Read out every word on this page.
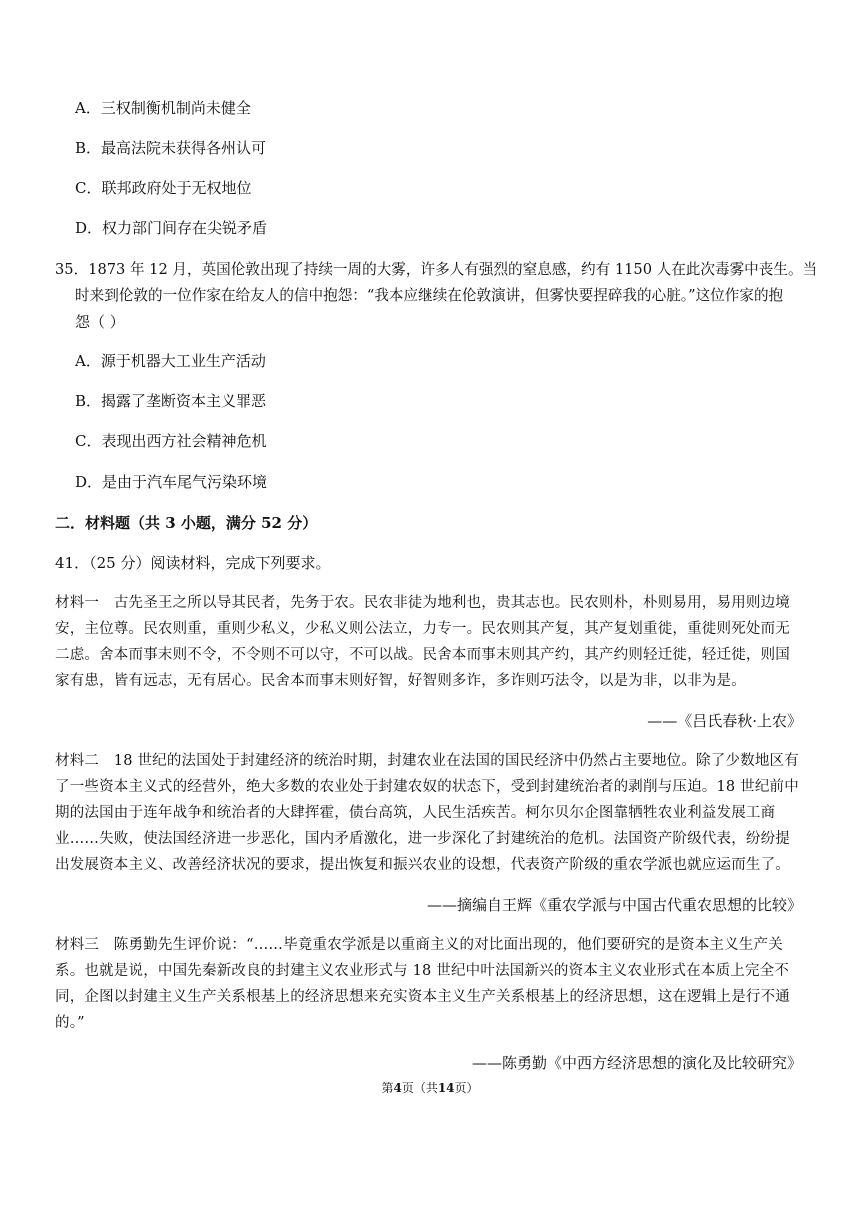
A．三权制衡机制尚未健全
B．最高法院未获得各州认可
C．联邦政府处于无权地位
D．权力部门间存在尖锐矛盾
35．1873 年 12 月，英国伦敦出现了持续一周的大雾，许多人有强烈的窒息感，约有 1150 人在此次毒雾中丧生。当
时来到伦敦的一位作家在给友人的信中抱怨：“我本应继续在伦敦演讲，但雾快要捏碎我的心脏。”这位作家的抱
怨（ ）
A．源于机器大工业生产活动
B．揭露了垄断资本主义罪恶
C．表现出西方社会精神危机
D．是由于汽车尾气污染环境
二．材料题（共 3 小题，满分 52 分）
41．（25 分）阅读材料，完成下列要求。
材料一　古先圣王之所以导其民者，先务于农。民农非徒为地利也，贵其志也。民农则朴，朴则易用，易用则边境
安，主位尊。民农则重，重则少私义，少私义则公法立，力专一。民农则其产复，其产复划重徙，重徙则死处而无
二虑。舍本而事末则不令，不令则不可以守，不可以战。民舍本而事末则其产约，其产约则轻迁徙，轻迁徙，则国
家有患，皆有远志，无有居心。民舍本而事末则好智，好智则多诈，多诈则巧法令，以是为非，以非为是。
——《吕氏春秋·上农》
材料二　18 世纪的法国处于封建经济的统治时期，封建农业在法国的国民经济中仍然占主要地位。除了少数地区有
了一些资本主义式的经营外，绝大多数的农业处于封建农奴的状态下，受到封建统治者的剥削与压迫。18 世纪前中
期的法国由于连年战争和统治者的大肆挥霍，债台高筑，人民生活疾苦。柯尔贝尔企图靠牺牲农业利益发展工商
业……失败，使法国经济进一步恶化，国内矛盾激化，进一步深化了封建统治的危机。法国资产阶级代表，纷纷提
出发展资本主义、改善经济状况的要求，提出恢复和振兴农业的设想，代表资产阶级的重农学派也就应运而生了。
——摘编自王辉《重农学派与中国古代重农思想的比较》
材料三　陈勇勤先生评价说：“……毕竟重农学派是以重商主义的对比面出现的，他们要研究的是资本主义生产关
系。也就是说，中国先秦新改良的封建主义农业形式与 18 世纪中叶法国新兴的资本主义农业形式在本质上完全不
同，企图以封建主义生产关系根基上的经济思想来充实资本主义生产关系根基上的经济思想，这在逻辑上是行不通
的。”
——陈勇勤《中西方经济思想的演化及比较研究》
第4页（共14页）
